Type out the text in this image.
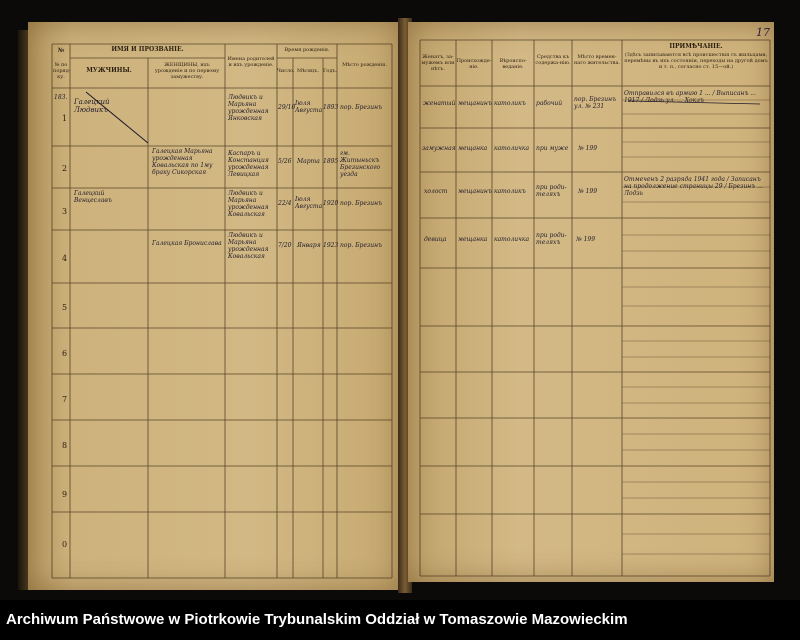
№
№ по поряд-ку.
ИМЯ И ПРОЗВАНІЕ.
МУЖЧИНЫ.
ЖЕНЩИНЫ, ихъ урожденіе и по первому замужеству.
Имена родителей и ихъ урожденіе.
Время рожденія.
Число. Мѣсяцъ. Годъ.
Мѣсто рожденія.
1
2
3
4
5
6
7
8
9
0
183.
Галецкий Людвикъ
Людвикъ и Марьяна урожденная Янковская
29/10
Iюля Августа 1893 пор. Брезинъ
Галецкая Марьяна урожденная Ковальская по 1му браку Сикорская
Каспаръ и Констанция урожденная Левицкая
5/26 Марта 1895
гм. Житыньскъ Брезинского уезда
Галецкий Венцеславъ
Людвикъ и Марьяна урожденная Ковальская
22/4
Iюля Августа 1920 пор. Брезинъ
Галецкая Бронислава
Людвикъ и Марьяна урожденная Ковальская
7/20 Января 1923 пор. Брезинъ
17
Женатъ, за-мужемъ или нѣтъ.
Происхожде-ніе.
Вѣроиспо-веданіе.
Средства къ содержа-нію.
Мѣсто времен-наго жительства.
ПРИМѢЧАНІЕ.
(Здѣсь записываются всѣ происшествія съ жильцами, перемѣны въ ихъ состояніи, переходы на другой домъ и т. п., согласно ст. 15—ой.)
женатый мещанинъ католикъ рабочий
пор. Брезинъ ул. № 231
Отправился въ армию 1 ... / Выписанъ ... 1917 / Лодзь ул. ... Хоклъ
замужная мещанка католичка при муже № 199
холост мещанинъ католикъ
при роди-теляхъ	№ 199
Отмеченъ 2 разряда 1941 года / Записанъ на продолжение страницы 29 / Брезинъ ... Лодзь
девица мещанка католичка
при роди-теляхъ	№ 199
Archiwum Państwowe w Piotrkowie Trybunalskim Oddział w Tomaszowie Mazowieckim
